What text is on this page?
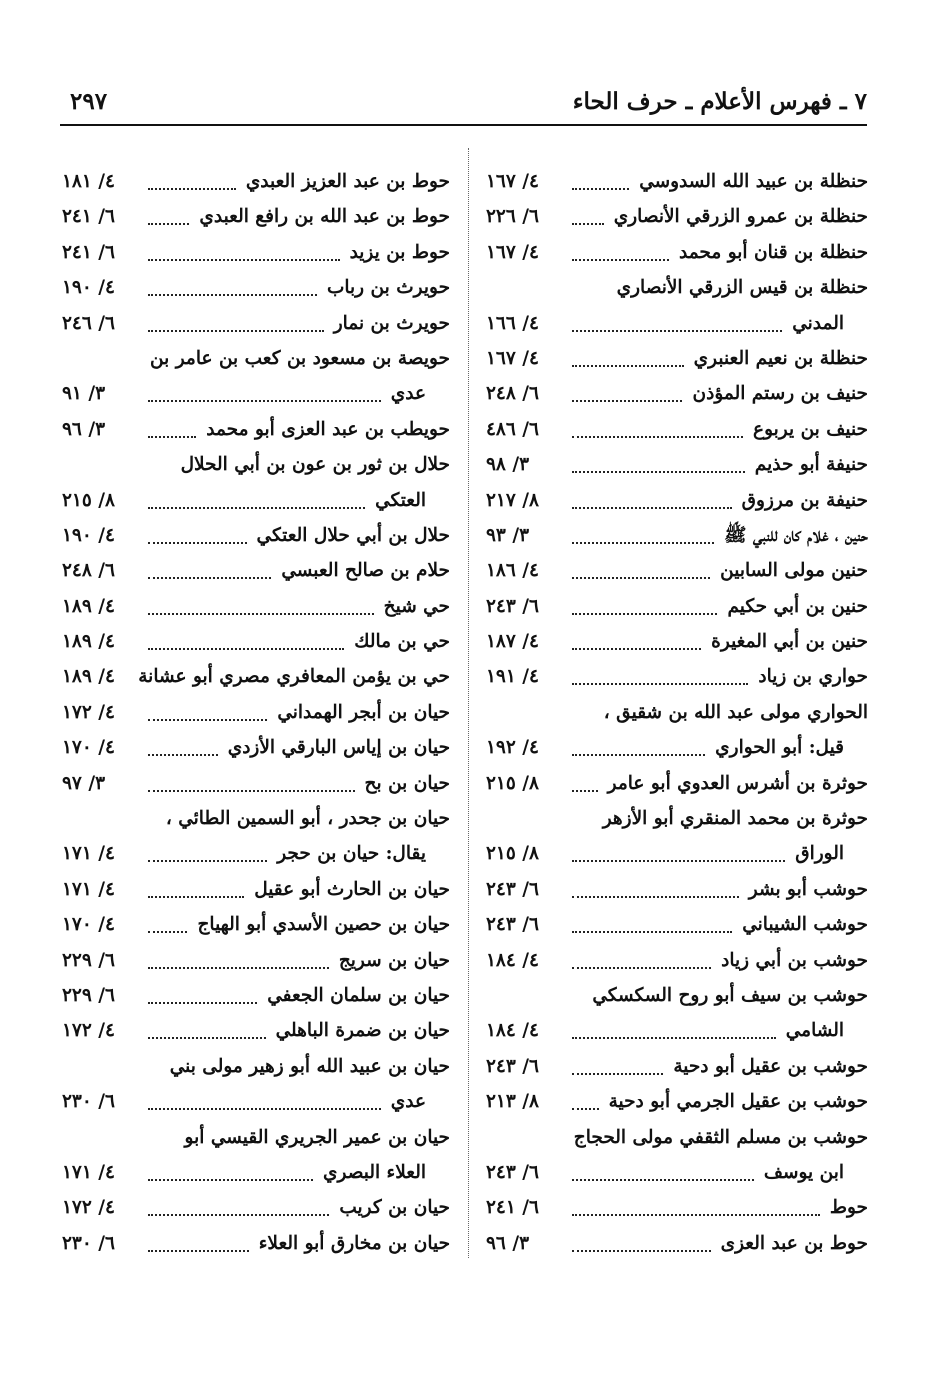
٧ ـ فهرس الأعلام ـ حرف الحاء
٢٩٧
حنظلة بن عبيد الله السدوسي
٤/ ١٦٧
حنظلة بن عمرو الزرقي الأنصاري
٦/ ٢٢٦
حنظلة بن قنان أبو محمد
٤/ ١٦٧
حنظلة بن قيس الزرقي الأنصاري
المدني
٤/ ١٦٦
حنظلة بن نعيم العنبري
٤/ ١٦٧
حنيف بن رستم المؤذن
٦/ ٢٤٨
حنيف بن يربوع
٦/ ٤٨٦
حنيفة أبو حذيم
٣/ ٩٨
حنيفة بن مرزوق
٨/ ٢١٧
حنين ، غلام كان للنبي ﷺ
٣/ ٩٣
حنين مولى السابين
٤/ ١٨٦
حنين بن أبي حكيم
٦/ ٢٤٣
حنين بن أبي المغيرة
٤/ ١٨٧
حواري بن زياد
٤/ ١٩١
الحواري مولى عبد الله بن شقيق ،
قيل: أبو الحواري
٤/ ١٩٢
حوثرة بن أشرس العدوي أبو عامر
٨/ ٢١٥
حوثرة بن محمد المنقري أبو الأزهر
الوراق
٨/ ٢١٥
حوشب أبو بشر
٦/ ٢٤٣
حوشب الشيباني
٦/ ٢٤٣
حوشب بن أبي زياد
٤/ ١٨٤
حوشب بن سيف أبو روح السكسكي
الشامي
٤/ ١٨٤
حوشب بن عقيل أبو دحية
٦/ ٢٤٣
حوشب بن عقيل الجرمي أبو دحية
٨/ ٢١٣
حوشب بن مسلم الثقفي مولى الحجاج
ابن يوسف
٦/ ٢٤٣
حوط
٦/ ٢٤١
حوط بن عبد العزى
٣/ ٩٦
حوط بن عبد العزيز العبدي
٤/ ١٨١
حوط بن عبد الله بن رافع العبدي
٦/ ٢٤١
حوط بن يزيد
٦/ ٢٤١
حويرث بن رباب
٤/ ١٩٠
حويرث بن نمار
٦/ ٢٤٦
حويصة بن مسعود بن كعب بن عامر بن
عدي
٣/ ٩١
حويطب بن عبد العزى أبو محمد
٣/ ٩٦
حلال بن ثور بن عون بن أبي الحلال
العتكي
٨/ ٢١٥
حلال بن أبي حلال العتكي
٤/ ١٩٠
حلام بن صالح العبسي
٦/ ٢٤٨
حي شيخ
٤/ ١٨٩
حي بن مالك
٤/ ١٨٩
حي بن يؤمن المعافري مصري أبو عشانة
٤/ ١٨٩
حيان بن أبجر الهمداني
٤/ ١٧٢
حيان بن إياس البارقي الأزدي
٤/ ١٧٠
حيان بن بح
٣/ ٩٧
حيان بن جحدر ، أبو السمين الطائي ،
يقال: حيان بن حجر
٤/ ١٧١
حيان بن الحارث أبو عقيل
٤/ ١٧١
حيان بن حصين الأسدي أبو الهياج
٤/ ١٧٠
حيان بن سريج
٦/ ٢٢٩
حيان بن سلمان الجعفي
٦/ ٢٢٩
حيان بن ضمرة الباهلي
٤/ ١٧٢
حيان بن عبيد الله أبو زهير مولى بني
عدي
٦/ ٢٣٠
حيان بن عمير الجريري القيسي أبو
العلاء البصري
٤/ ١٧١
حيان بن كريب
٤/ ١٧٢
حيان بن مخارق أبو العلاء
٦/ ٢٣٠
